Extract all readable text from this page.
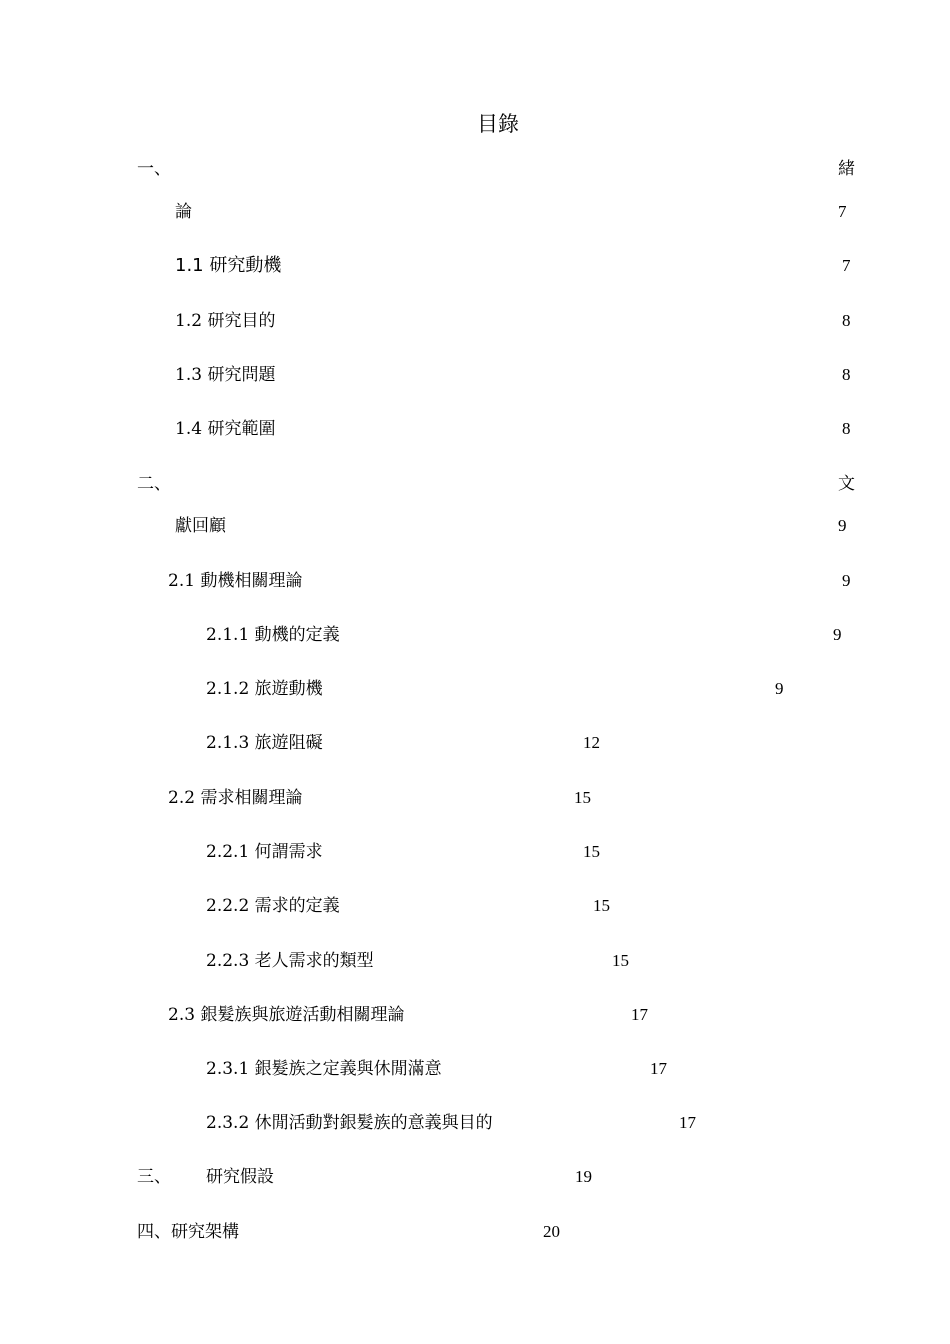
目錄
一、	緒
論	7
1.1 研究動機	7
1.2 研究目的	8
1.3 研究問題	8
1.4 研究範圍	8
二、	文
獻回顧	9
2.1 動機相關理論	9
2.1.1 動機的定義	9
2.1.2 旅遊動機	9
2.1.3 旅遊阻礙	12
2.2 需求相關理論	15
2.2.1 何謂需求	15
2.2.2 需求的定義	15
2.2.3 老人需求的類型	15
2.3 銀髮族與旅遊活動相關理論	17
2.3.1 銀髮族之定義與休閒滿意	17
2.3.2 休閒活動對銀髮族的意義與目的	17
三、 研究假設	19
四、研究架構	20
